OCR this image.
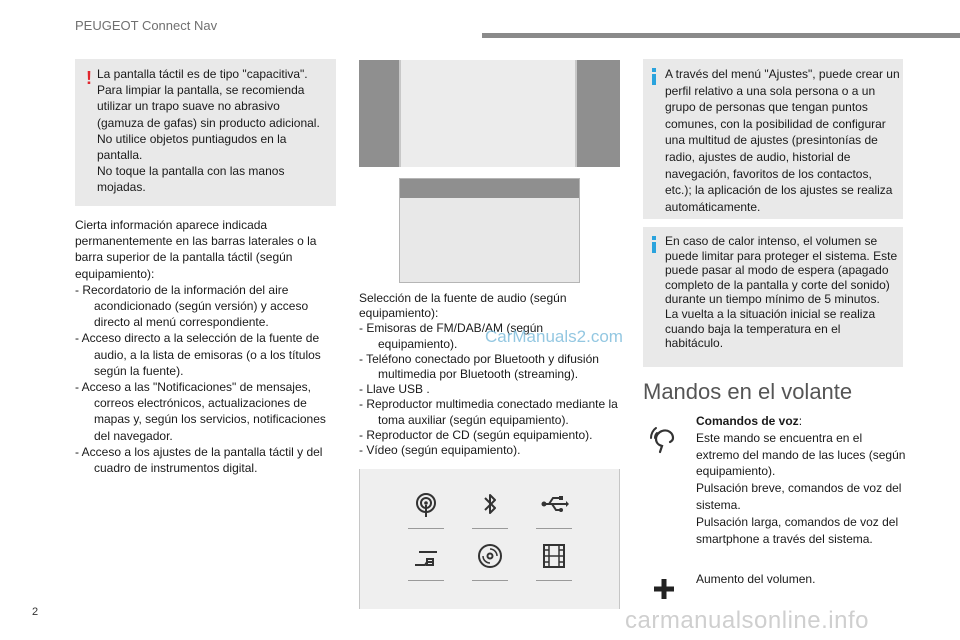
PEUGEOT Connect Nav
! La pantalla táctil es de tipo "capacitiva".
Para limpiar la pantalla, se recomienda
utilizar un trapo suave no abrasivo
(gamuza de gafas) sin producto adicional.
No utilice objetos puntiagudos en la
pantalla.
No toque la pantalla con las manos
mojadas.

Cierta información aparece indicada permanentemente en las barras laterales o la barra superior de la pantalla táctil (según equipamiento):

- Recordatorio de la información del aire acondicionado (según versión) y acceso directo al menú correspondiente.

- Acceso directo a la selección de la fuente de audio, a la lista de emisoras (o a los títulos según la fuente).

- Acceso a las "Notificaciones" de mensajes, correos electrónicos, actualizaciones de mapas y, según los servicios, notificaciones del navegador.

- Acceso a los ajustes de la pantalla táctil y del cuadro de instrumentos digital.

Selección de la fuente de audio (según equipamiento):

- Emisoras de FM/DAB/AM (según equipamiento).

- Teléfono conectado por Bluetooth y difusión multimedia por Bluetooth (streaming).

- Llave USB .

- Reproductor multimedia conectado mediante la toma auxiliar (según equipamiento).

- Reproductor de CD (según equipamiento).

- Vídeo (según equipamiento).

CarManuals2.com
A través del menú "Ajustes", puede crear un perfil relativo a una sola persona o a un grupo de personas que tengan puntos comunes, con la posibilidad de configurar una multitud de ajustes (presintonías de radio, ajustes de audio, historial de navegación, favoritos de los contactos, etc.); la aplicación de los ajustes se realiza automáticamente.
En caso de calor intenso, el volumen se puede limitar para proteger el sistema. Este puede pasar al modo de espera (apagado completo de la pantalla y corte del sonido) durante un tiempo mínimo de 5 minutos.
La vuelta a la situación inicial se realiza cuando baja la temperatura en el habitáculo.
Mandos en el volante

Comandos de voz:

Este mando se encuentra en el extremo del mando de las luces (según equipamiento).
Pulsación breve, comandos de voz del sistema.
Pulsación larga, comandos de voz del smartphone a través del sistema.

Aumento del volumen.
2	carmanualsonline.info
